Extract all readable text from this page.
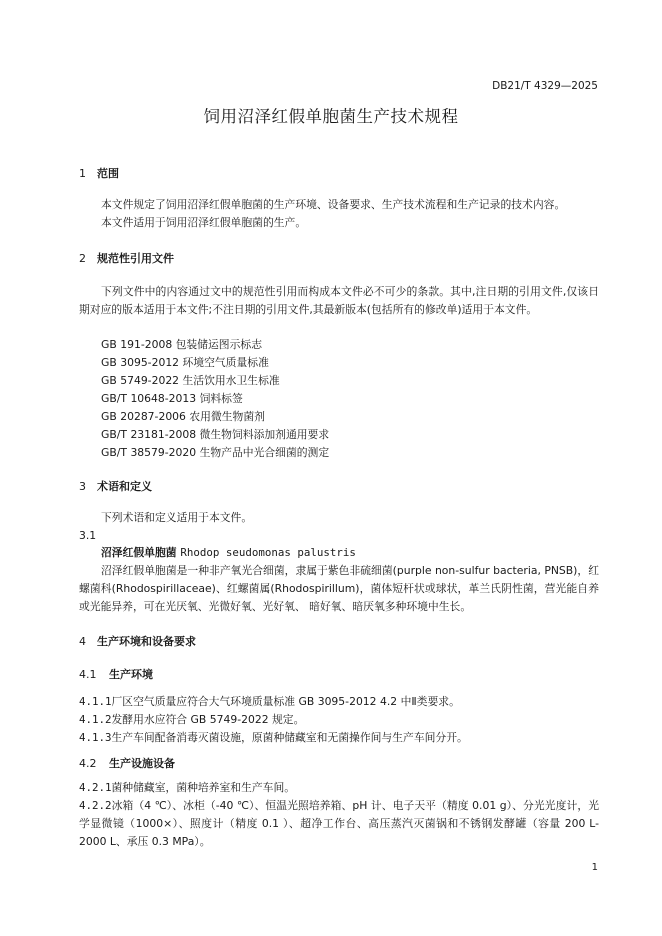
DB21/T 4329—2025
饲用沼泽红假单胞菌生产技术规程
1 范围
本文件规定了饲用沼泽红假单胞菌的生产环境、设备要求、生产技术流程和生产记录的技术内容。
本文件适用于饲用沼泽红假单胞菌的生产。
2 规范性引用文件
下列文件中的内容通过文中的规范性引用而构成本文件必不可少的条款。其中,注日期的引用文件,仅该日期对应的版本适用于本文件;不注日期的引用文件,其最新版本(包括所有的修改单)适用于本文件。
GB 191-2008 包装储运图示标志
GB 3095-2012 环境空气质量标准
GB 5749-2022 生活饮用水卫生标准
GB/T 10648-2013 饲料标签
GB 20287-2006 农用微生物菌剂
GB/T 23181-2008 微生物饲料添加剂通用要求
GB/T 38579-2020 生物产品中光合细菌的测定
3 术语和定义
下列术语和定义适用于本文件。
3.1
沼泽红假单胞菌 Rhodop seudomonas palustris
沼泽红假单胞菌是一种非产氧光合细菌，隶属于紫色非硫细菌(purple non-sulfur bacteria, PNSB)，红螺菌科(Rhodospirillaceae)、红螺菌属(Rhodospirillum)，菌体短杆状或球状，革兰氏阴性菌，营光能自养或光能异养，可在光厌氧、光微好氧、光好氧、 暗好氧、暗厌氧多种环境中生长。
4 生产环境和设备要求
4.1 生产环境
4.1.1厂区空气质量应符合大气环境质量标准 GB 3095-2012 4.2 中Ⅱ类要求。
4.1.2发酵用水应符合 GB 5749-2022 规定。
4.1.3生产车间配备消毒灭菌设施，原菌种储藏室和无菌操作间与生产车间分开。
4.2 生产设施设备
4.2.1菌种储藏室，菌种培养室和生产车间。
4.2.2冰箱（4 ℃）、冰柜（-40 ℃）、恒温光照培养箱、pH 计、电子天平（精度 0.01 g）、分光光度计，光学显微镜（1000×）、照度计（精度 0.1 ）、超净工作台、高压蒸汽灭菌锅和不锈钢发酵罐（容量 200 L-2000 L、承压 0.3 MPa）。
1
